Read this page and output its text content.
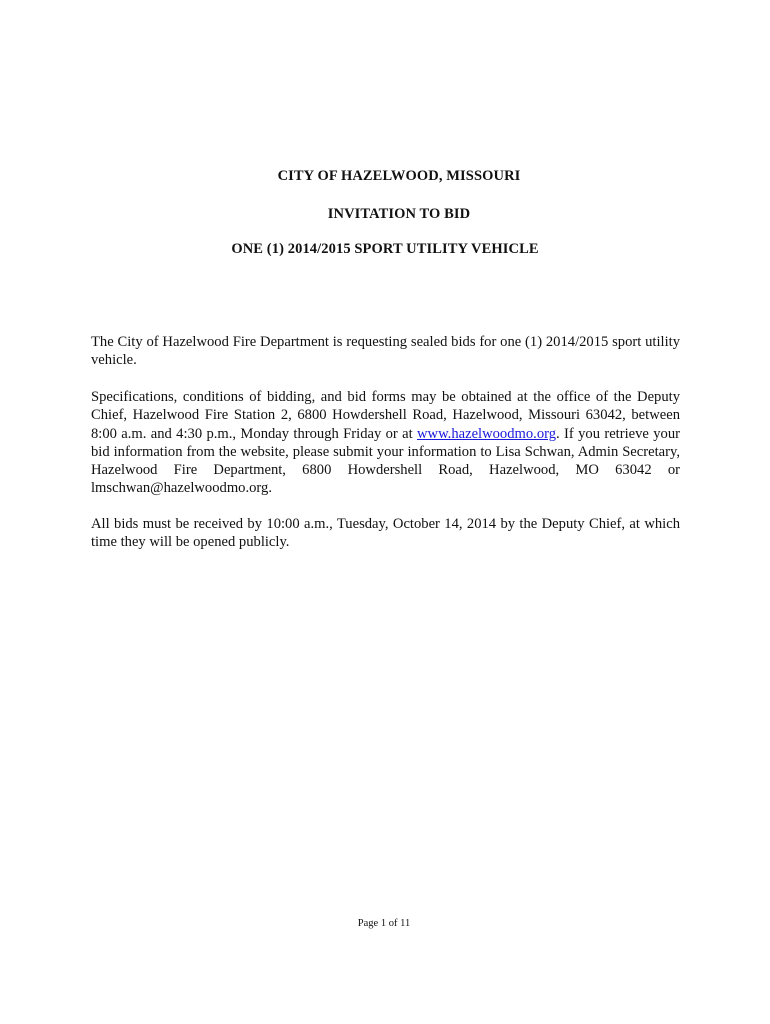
CITY OF HAZELWOOD, MISSOURI

INVITATION TO BID

ONE (1) 2014/2015 SPORT UTILITY VEHICLE

The City of Hazelwood Fire Department is requesting sealed bids for one (1) 2014/2015 sport utility vehicle.

Specifications, conditions of bidding, and bid forms may be obtained at the office of the Deputy Chief, Hazelwood Fire Station 2, 6800 Howdershell Road, Hazelwood, Missouri 63042, between 8:00 a.m. and 4:30 p.m., Monday through Friday or at www.hazelwoodmo.org. If you retrieve your bid information from the website, please submit your information to Lisa Schwan, Admin Secretary, Hazelwood Fire Department, 6800 Howdershell Road, Hazelwood, MO 63042 or lmschwan@hazelwoodmo.org.

All bids must be received by 10:00 a.m., Tuesday, October 14, 2014 by the Deputy Chief, at which time they will be opened publicly.

Page 1 of 11
